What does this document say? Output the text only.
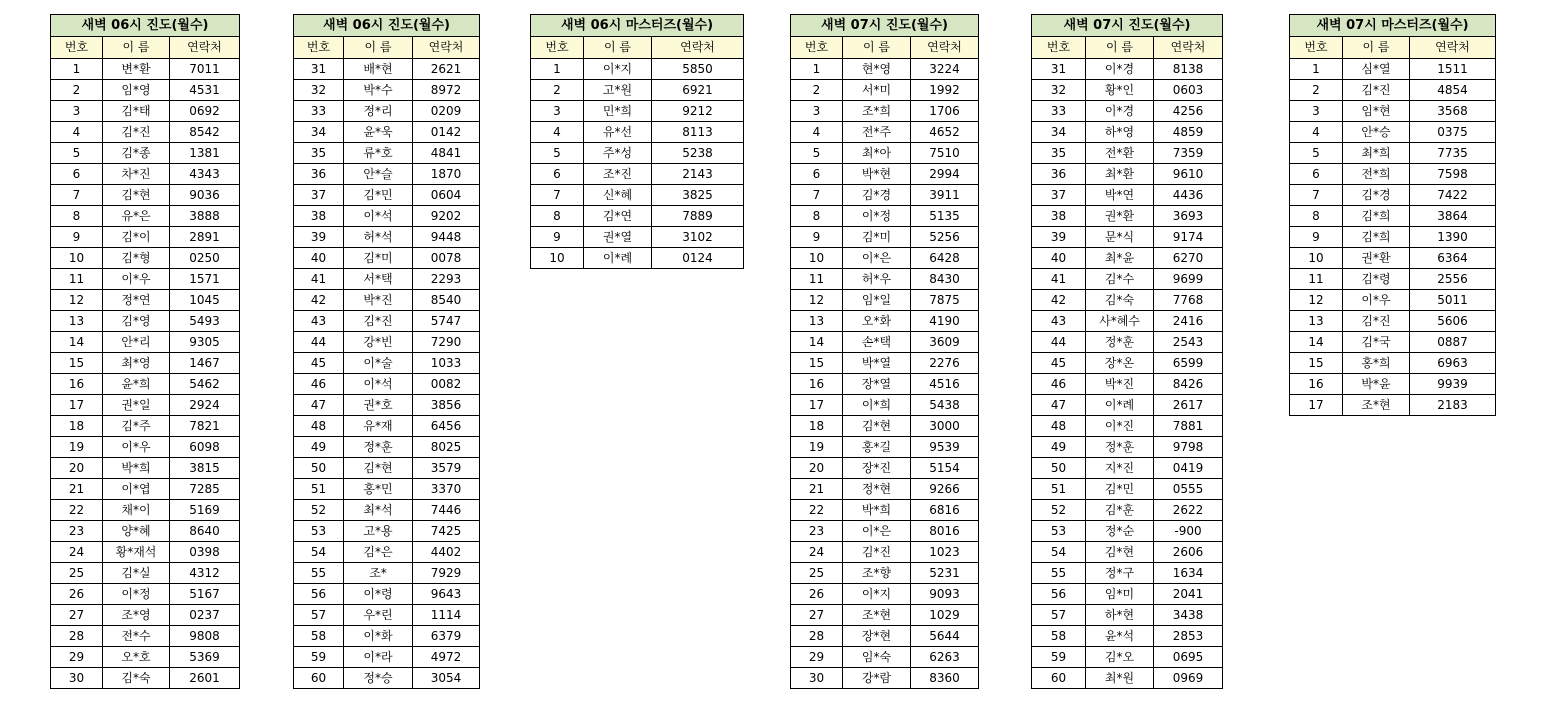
새벽 06시 진도(월수)		
번호	이 름	연락처
1	변*환	7011
2	임*영	4531
3	김*태	0692
4	김*진	8542
5	김*종	1381
6	차*진	4343
7	김*현	9036
8	유*은	3888
9	김*이	2891
10	김*형	0250
11	이*우	1571
12	정*연	1045
13	김*영	5493
14	안*리	9305
15	최*영	1467
16	윤*희	5462
17	권*일	2924
18	김*주	7821
19	이*우	6098
20	박*희	3815
21	이*엽	7285
22	채*이	5169
23	양*혜	8640
24	황*재석	0398
25	김*실	4312
26	이*정	5167
27	조*영	0237
28	전*수	9808
29	오*호	5369
30	김*숙	2601
새벽 06시 진도(월수)		
번호	이 름	연락처
31	배*현	2621
32	박*수	8972
33	정*리	0209
34	윤*욱	0142
35	류*호	4841
36	안*슬	1870
37	김*민	0604
38	이*석	9202
39	허*석	9448
40	김*미	0078
41	서*택	2293
42	박*진	8540
43	김*진	5747
44	강*빈	7290
45	이*술	1033
46	이*석	0082
47	권*호	3856
48	유*재	6456
49	정*훈	8025
50	김*현	3579
51	홍*민	3370
52	최*석	7446
53	고*용	7425
54	김*은	4402
55	조*	7929
56	이*령	9643
57	우*린	1114
58	이*화	6379
59	이*라	4972
60	정*승	3054
새벽 06시 마스터즈(월수)		
번호	이 름	연락처
1	이*지	5850
2	고*원	6921
3	민*희	9212
4	유*선	8113
5	주*성	5238
6	조*진	2143
7	신*혜	3825
8	김*연	7889
9	권*열	3102
10	이*례	0124
새벽 07시 진도(월수)		
번호	이 름	연락처
1	현*영	3224
2	서*미	1992
3	조*희	1706
4	전*주	4652
5	최*아	7510
6	박*현	2994
7	김*경	3911
8	이*정	5135
9	김*미	5256
10	이*은	6428
11	허*우	8430
12	임*일	7875
13	오*화	4190
14	손*택	3609
15	박*열	2276
16	장*열	4516
17	이*희	5438
18	김*현	3000
19	홍*길	9539
20	장*진	5154
21	정*현	9266
22	박*희	6816
23	이*은	8016
24	김*진	1023
25	조*향	5231
26	이*지	9093
27	조*현	1029
28	장*현	5644
29	임*숙	6263
30	강*람	8360
새벽 07시 진도(월수)		
번호	이 름	연락처
31	이*경	8138
32	황*인	0603
33	이*경	4256
34	하*영	4859
35	전*환	7359
36	최*환	9610
37	박*연	4436
38	권*환	3693
39	문*식	9174
40	최*윤	6270
41	김*수	9699
42	김*숙	7768
43	사*혜수	2416
44	정*훈	2543
45	장*온	6599
46	박*진	8426
47	이*례	2617
48	이*진	7881
49	정*훈	9798
50	지*진	0419
51	김*민	0555
52	김*훈	2622
53	정*순	-900
54	김*현	2606
55	정*구	1634
56	임*미	2041
57	하*현	3438
58	윤*석	2853
59	김*오	0695
60	최*원	0969
새벽 07시 마스터즈(월수)		
번호	이 름	연락처
1	심*열	1511
2	김*진	4854
3	임*현	3568
4	안*승	0375
5	최*희	7735
6	전*희	7598
7	김*경	7422
8	김*희	3864
9	김*희	1390
10	권*환	6364
11	김*령	2556
12	이*우	5011
13	김*진	5606
14	김*국	0887
15	홍*희	6963
16	박*윤	9939
17	조*현	2183
